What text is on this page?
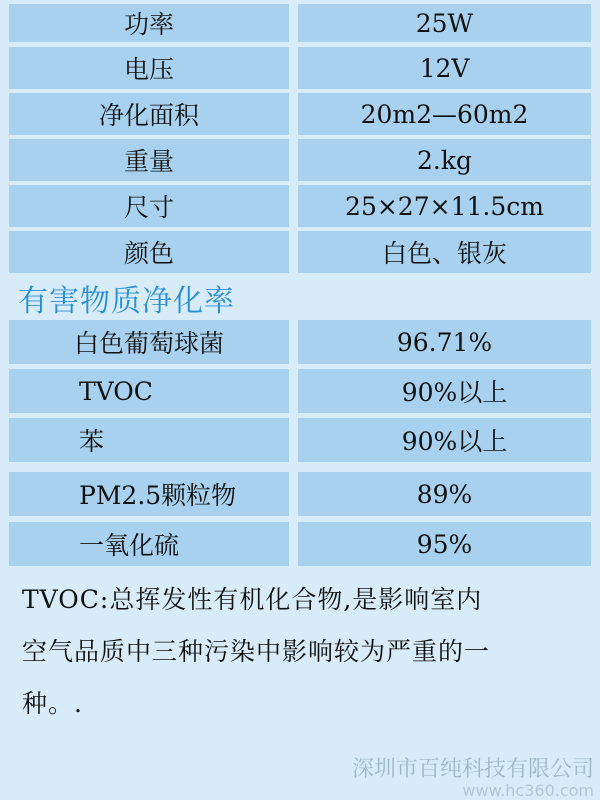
功率	25W
电压	12V
净化面积	20m2—60m2
重量	2.kg
尺寸	25×27×11.5cm
颜色	白色、银灰
白色葡萄球菌	96.71%
TVOC	90%以上
苯	90%以上
PM2.5颗粒物	89%
一氧化硫	95%
有害物质净化率
TVOC:总挥发性有机化合物,是影响室内
空气品质中三种污染中影响较为严重的一
种。.
深圳市百纯科技有限公司
www.hc360.com
